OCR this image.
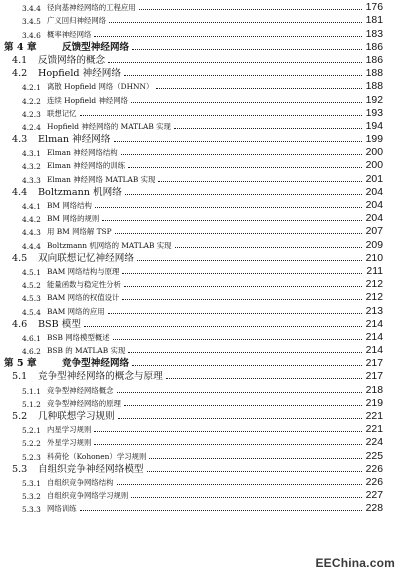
3.4.4 径向基神经网络的工程应用	176
3.4.5 广义回归神经网络	181
3.4.6 概率神经网络	183
第 4 章	反馈型神经网络	186
4.1	反馈网络的概念	186
4.2	Hopfield 神经网络	188
4.2.1 离散 Hopfield 网络（DHNN）	188
4.2.2 连续 Hopfield 神经网络	192
4.2.3 联想记忆	193
4.2.4 Hopfield 神经网络的 MATLAB 实现	194
4.3	Elman 神经网络	199
4.3.1 Elman 神经网络结构	200
4.3.2 Elman 神经网络的训练	200
4.3.3 Elman 神经网络 MATLAB 实现	201
4.4	Boltzmann 机网络	204
4.4.1 BM 网络结构	204
4.4.2 BM 网络的规则	204
4.4.3 用 BM 网络解 TSP	207
4.4.4 Boltzmann 机网络的 MATLAB 实现	209
4.5	双向联想记忆神经网络	210
4.5.1 BAM 网络结构与原理	211
4.5.2 能量函数与稳定性分析	212
4.5.3 BAM 网络的权值设计	212
4.5.4 BAM 网络的应用	213
4.6	BSB 模型	214
4.6.1 BSB 网络模型概述	214
4.6.2 BSB 的 MATLAB 实现	214
第 5 章	竞争型神经网络	217
5.1	竞争型神经网络的概念与原理	217
5.1.1 竞争型神经网络概念	218
5.1.2 竞争型神经网络的原理	219
5.2	几种联想学习规则	221
5.2.1 内星学习规则	221
5.2.2 外星学习规则	224
5.2.3 科荷伦（Kohonen）学习规则	225
5.3	自组织竞争神经网络模型	226
5.3.1 自组织竞争网络结构	226
5.3.2 自组织竞争网络学习规则	227
5.3.3 网络训练	228
EEChina.com
